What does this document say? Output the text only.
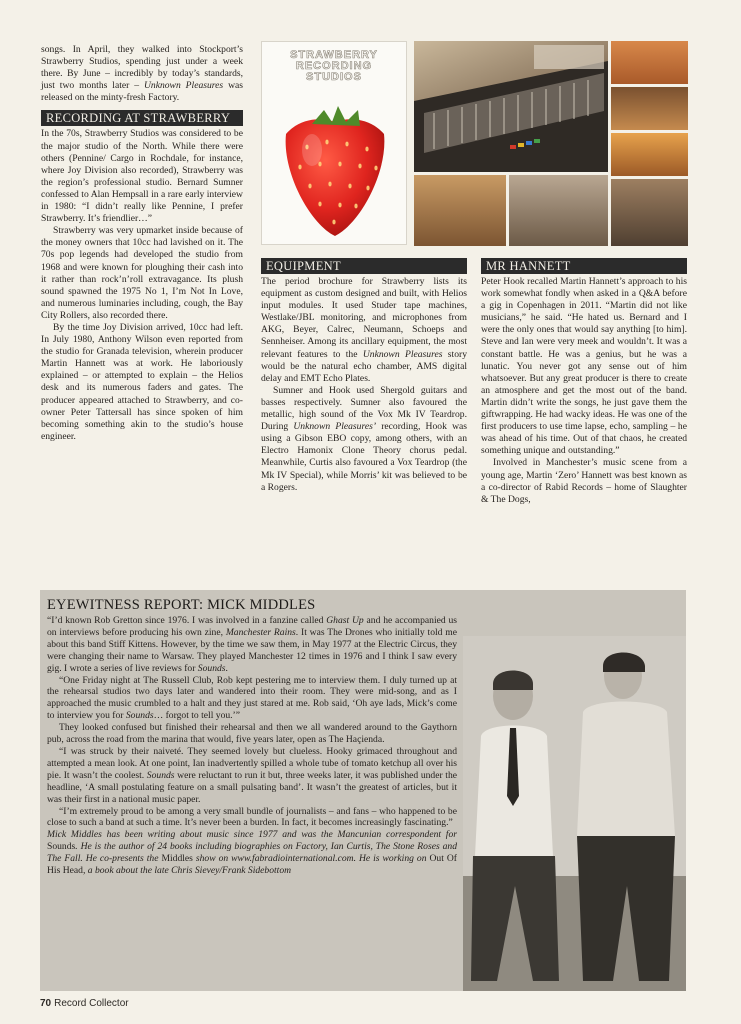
songs. In April, they walked into Stockport’s Strawberry Studios, spending just under a week there. By June – incredibly by today’s standards, just two months later – Unknown Pleasures was released on the minty-fresh Factory.

RECORDING AT STRAWBERRY

In the 70s, Strawberry Studios was considered to be the major studio of the North. While there were others (Pennine/ Cargo in Rochdale, for instance, where Joy Division also recorded), Strawberry was the region’s professional studio. Bernard Sumner confessed to Alan Hempsall in a rare early interview in 1980: “I didn’t really like Pennine, I prefer Strawberry. It’s friendlier…”

Strawberry was very upmarket inside because of the money owners that 10cc had lavished on it. The 70s pop legends had developed the studio from 1968 and were known for ploughing their cash into it rather than rock’n’roll extravagance. Its plush sound spawned the 1975 No 1, I’m Not In Love, and numerous luminaries including, cough, the Bay City Rollers, also recorded there.

By the time Joy Division arrived, 10cc had left. In July 1980, Anthony Wilson even reported from the studio for Granada television, wherein producer Martin Hannett was at work. He laboriously explained – or attempted to explain – the Helios desk and its numerous faders and gates. The producer appeared attached to Strawberry, and co-owner Peter Tattersall has since spoken of him becoming something akin to the studio’s house engineer.

STRAWBERRY
RECORDING
STUDIOS
EQUIPMENT

The period brochure for Strawberry lists its equipment as custom designed and built, with Helios input modules. It used Studer tape machines, Westlake/JBL monitoring, and microphones from AKG, Beyer, Calrec, Neumann, Schoeps and Sennheiser. Among its ancillary equipment, the most relevant features to the Unknown Pleasures story would be the natural echo chamber, AMS digital delay and EMT Echo Plates.

Sumner and Hook used Shergold guitars and basses respectively. Sumner also favoured the metallic, high sound of the Vox Mk IV Teardrop. During Unknown Pleasures’ recording, Hook was using a Gibson EBO copy, among others, with an Electro Hamonix Clone Theory chorus pedal. Meanwhile, Curtis also favoured a Vox Teardrop (the Mk IV Special), while Morris’ kit was believed to be a Rogers.

MR HANNETT

Peter Hook recalled Martin Hannett’s approach to his work somewhat fondly when asked in a Q&A before a gig in Copenhagen in 2011. “Martin did not like musicians,” he said. “He hated us. Bernard and I were the only ones that would say anything [to him]. Steve and Ian were very meek and wouldn’t. It was a constant battle. He was a genius, but he was a lunatic. You never got any sense out of him whatsoever. But any great producer is there to create an atmosphere and get the most out of the band. Martin didn’t write the songs, he just gave them the giftwrapping. He had wacky ideas. He was one of the first producers to use time lapse, echo, sampling – he was ahead of his time. Out of that chaos, he created something unique and outstanding.”

Involved in Manchester’s music scene from a young age, Martin ‘Zero’ Hannett was best known as a co-director of Rabid Records – home of Slaughter & The Dogs,

EYEWITNESS REPORT: MICK MIDDLES

“I’d known Rob Gretton since 1976. I was involved in a fanzine called Ghast Up and he accompanied us on interviews before producing his own zine, Manchester Rains. It was The Drones who initially told me about this band Stiff Kittens. However, by the time we saw them, in May 1977 at the Electric Circus, they were changing their name to Warsaw. They played Manchester 12 times in 1976 and I think I saw every gig. I wrote a series of live reviews for Sounds.

“One Friday night at The Russell Club, Rob kept pestering me to interview them. I duly turned up at the rehearsal studios two days later and wandered into their room. They were mid-song, and as I approached the music crumbled to a halt and they just stared at me. Rob said, ‘Oh aye lads, Mick’s come to interview you for Sounds… forgot to tell you.’”

They looked confused but finished their rehearsal and then we all wandered around to the Gaythorn pub, across the road from the marina that would, five years later, open as The Haçienda.

“I was struck by their naiveté. They seemed lovely but clueless. Hooky grimaced throughout and attempted a mean look. At one point, Ian inadvertently spilled a whole tube of tomato ketchup all over his pie. It wasn’t the coolest. Sounds were reluctant to run it but, three weeks later, it was published under the headline, ‘A small postulating feature on a small pulsating band’. It wasn’t the greatest of articles, but it was their first in a national music paper.

“I’m extremely proud to be among a very small bundle of journalists – and fans – who happened to be close to such a band at such a time. It’s never been a burden. In fact, it becomes increasingly fascinating.”

Mick Middles has been writing about music since 1977 and was the Mancunian correspondent for Sounds. He is the author of 24 books including biographies on Factory, Ian Curtis, The Stone Roses and The Fall. He co-presents the Middles show on www.fabradiointernational.com. He is working on Out Of His Head, a book about the late Chris Sievey/Frank Sidebottom

70 Record Collector
